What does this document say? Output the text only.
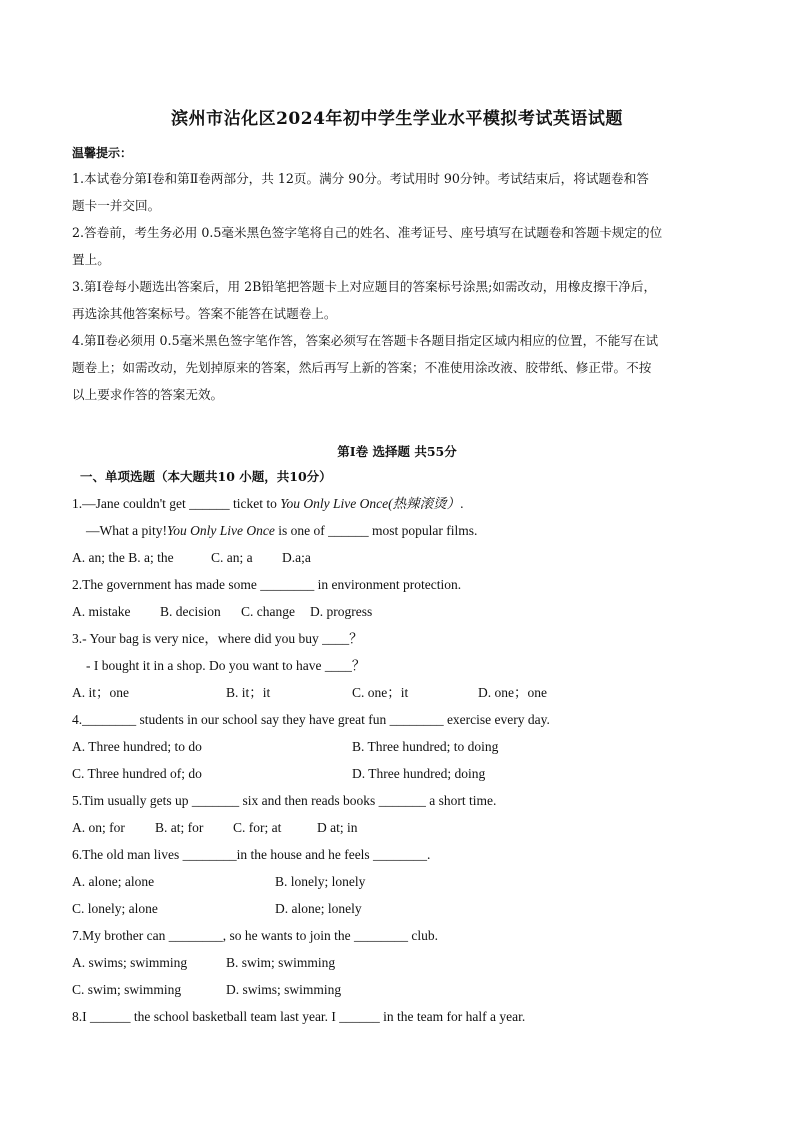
滨州市沾化区2024年初中学生学业水平模拟考试英语试题
温馨提示：
1.本试卷分第Ⅰ卷和第Ⅱ卷两部分，共 12页。满分 90分。考试用时 90分钟。考试结束后，将试题卷和答
题卡一并交回。
2.答卷前，考生务必用 0.5毫米黑色签字笔将自己的姓名、准考证号、座号填写在试题卷和答题卡规定的位
置上。
3.第Ⅰ卷每小题选出答案后，用 2B铅笔把答题卡上对应题目的答案标号涂黑;如需改动，用橡皮擦干净后，
再选涂其他答案标号。答案不能答在试题卷上。
4.第Ⅱ卷必须用 0.5毫米黑色签字笔作答，答案必须写在答题卡各题目指定区域内相应的位置，不能写在试
题卷上；如需改动，先划掉原来的答案，然后再写上新的答案；不准使用涂改液、胶带纸、修正带。不按
以上要求作答的答案无效。
第Ⅰ卷 选择题 共55分
一、单项选题（本大题共10 小题，共10分）
1.—Jane couldn't get ______ ticket to You Only Live Once(热辣滚烫）.
—What a pity!You Only Live Once is one of ______ most popular films.
A. an; the B. a; the	C. an; a D.a;a
2.The government has made some ________ in environment protection.
A. mistake B. decision C. change D. progress
3.- Your bag is very nice，where did you buy ____？
- I bought it in a shop. Do you want to have ____？
A. it；one	B. it；it	C. one；it	D. one；one
4.________ students in our school say they have great fun ________ exercise every day.
A. Three hundred; to do	B. Three hundred; to doing
C. Three hundred of; do	D. Three hundred; doing
5.Tim usually gets up _______ six and then reads books _______ a short time.
A. on; for B. at; for C. for; at	D at; in
6.The old man lives ________in the house and he feels ________.
A. alone; alone	B. lonely; lonely
C. lonely; alone	D. alone; lonely
7.My brother can ________, so he wants to join the ________ club.
A. swims; swimming	B. swim; swimming
C. swim; swimming	D. swims; swimming
8.I ______ the school basketball team last year. I ______ in the team for half a year.
